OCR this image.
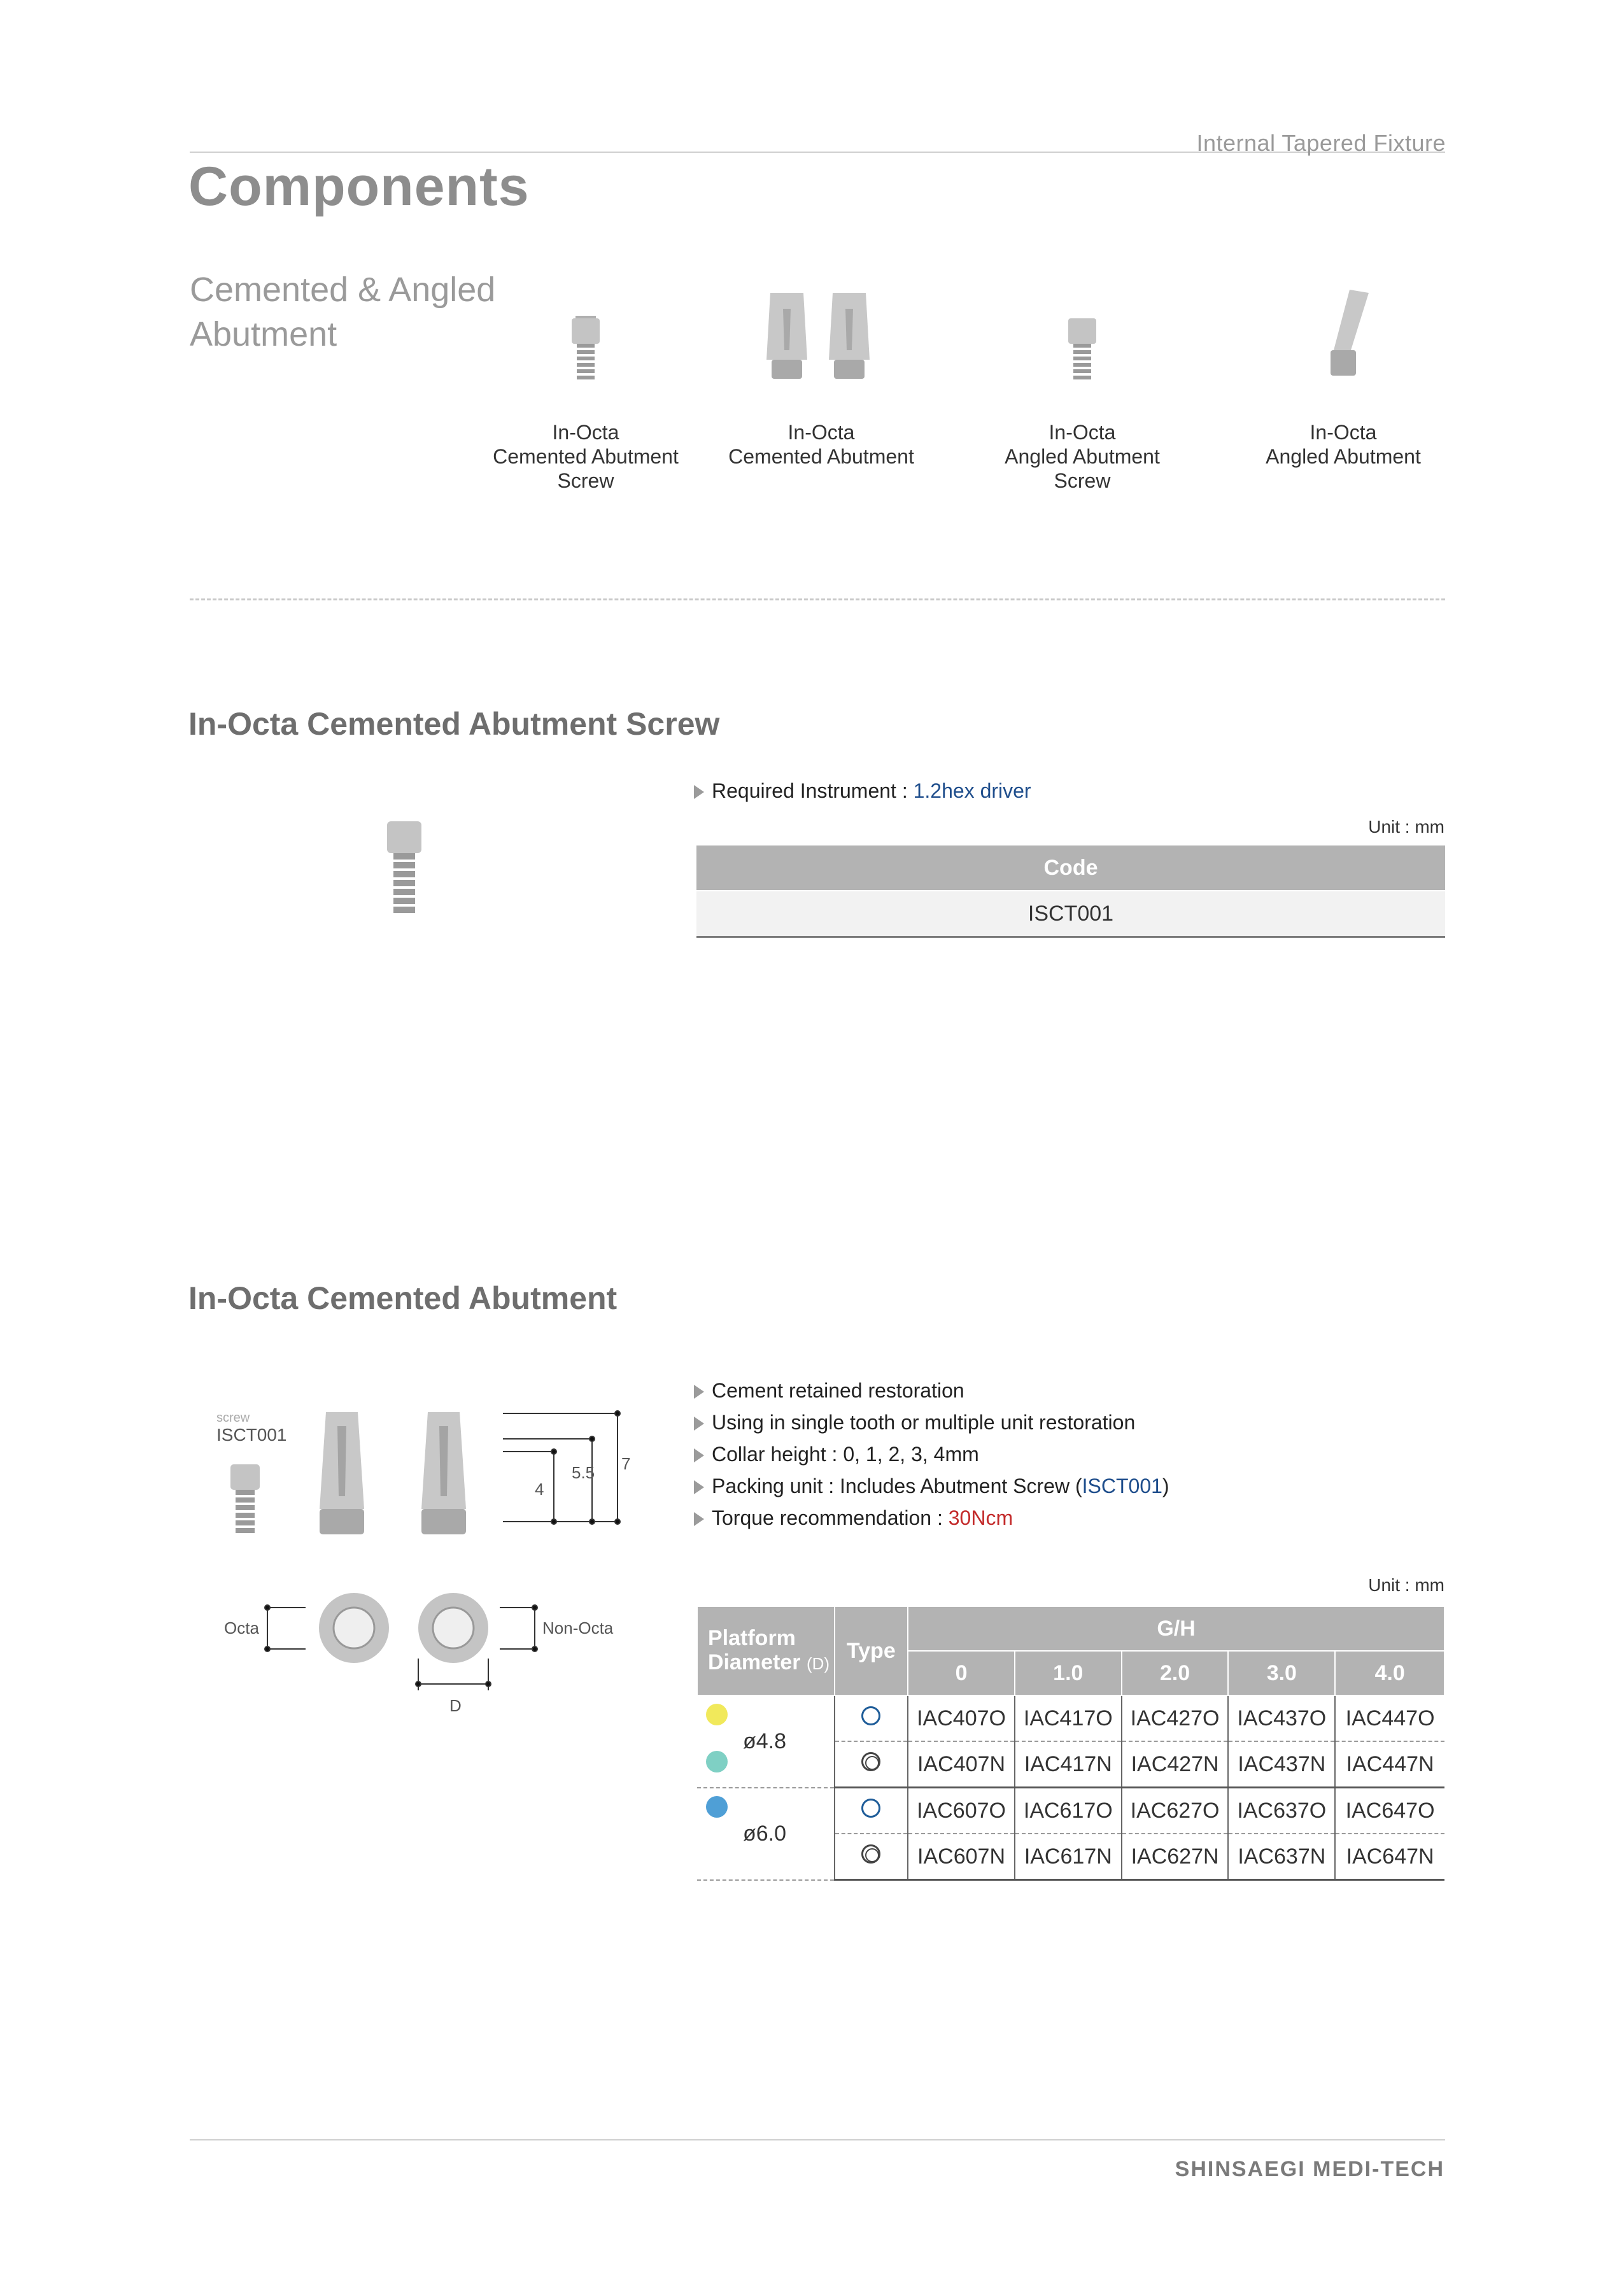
Internal Tapered Fixture
Components
Cemented & Angled Abutment
In-Octa
Cemented Abutment
Screw
In-Octa
Cemented Abutment
In-Octa
Angled Abutment
Screw
In-Octa
Angled Abutment
In-Octa Cemented Abutment Screw
Required Instrument : 1.2hex driver
Unit : mm
Code
ISCT001
In-Octa Cemented Abutment
screw
ISCT001
4
5.5 7
Octa	Non-Octa
D
Cement retained restoration
Using in single tooth or multiple unit restoration
Collar height : 0, 1, 2, 3, 4mm
Packing unit : Includes Abutment Screw (ISCT001)
Torque recommendation : 30Ncm
Unit : mm
Platform
Diameter (D)	Type	G/H				
		0	1.0	2.0	3.0	4.0

ø4.8		IAC407O	IAC417O	IAC427O	IAC437O	IAC447O
		IAC407N	IAC417N	IAC427N	IAC437N	IAC447N

ø6.0		IAC607O	IAC617O	IAC627O	IAC637O	IAC647O
		IAC607N	IAC617N	IAC627N	IAC637N	IAC647N
SHINSAEGI MEDI-TECH
